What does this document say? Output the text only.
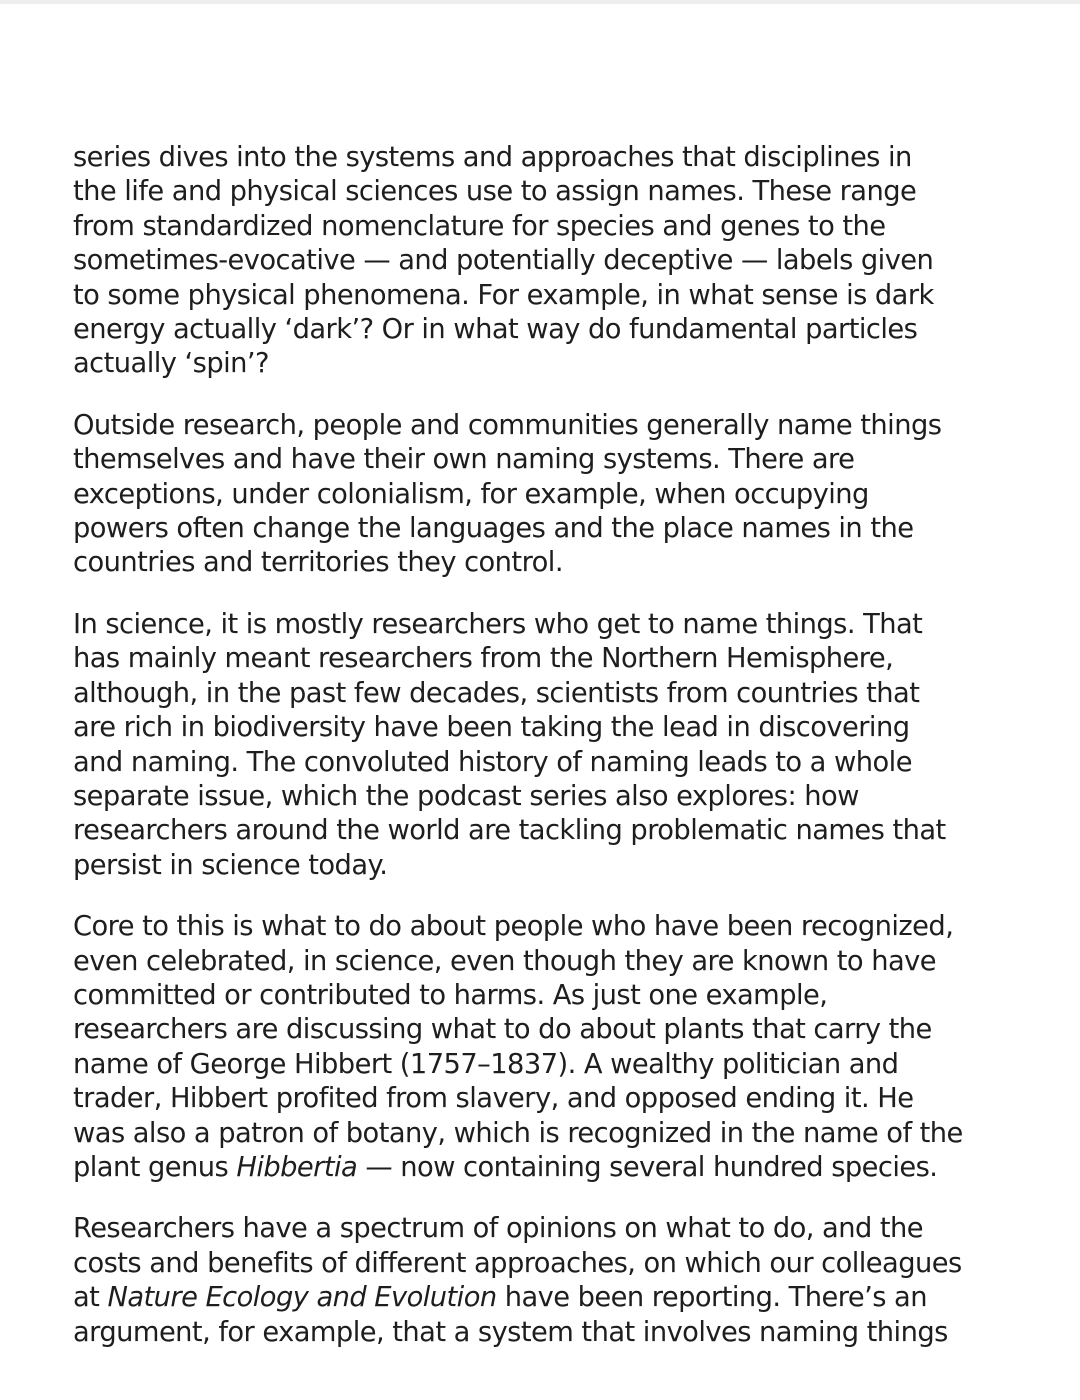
series dives into the systems and approaches that disciplines in the life and physical sciences use to assign names. These range from standardized nomenclature for species and genes to the sometimes-evocative — and potentially deceptive — labels given to some physical phenomena. For example, in what sense is dark energy actually ‘dark’? Or in what way do fundamental particles actually ‘spin’?

Outside research, people and communities generally name things themselves and have their own naming systems. There are exceptions, under colonialism, for example, when occupying powers often change the languages and the place names in the countries and territories they control.

In science, it is mostly researchers who get to name things. That has mainly meant researchers from the Northern Hemisphere, although, in the past few decades, scientists from countries that are rich in biodiversity have been taking the lead in discovering and naming. The convoluted history of naming leads to a whole separate issue, which the podcast series also explores: how researchers around the world are tackling problematic names that persist in science today.

Core to this is what to do about people who have been recognized, even celebrated, in science, even though they are known to have committed or contributed to harms. As just one example, researchers are discussing what to do about plants that carry the name of George Hibbert (1757–1837). A wealthy politician and trader, Hibbert profited from slavery, and opposed ending it. He was also a patron of botany, which is recognized in the name of the plant genus Hibbertia — now containing several hundred species.

Researchers have a spectrum of opinions on what to do, and the costs and benefits of different approaches, on which our colleagues at Nature Ecology and Evolution have been reporting. There’s an argument, for example, that a system that involves naming things
